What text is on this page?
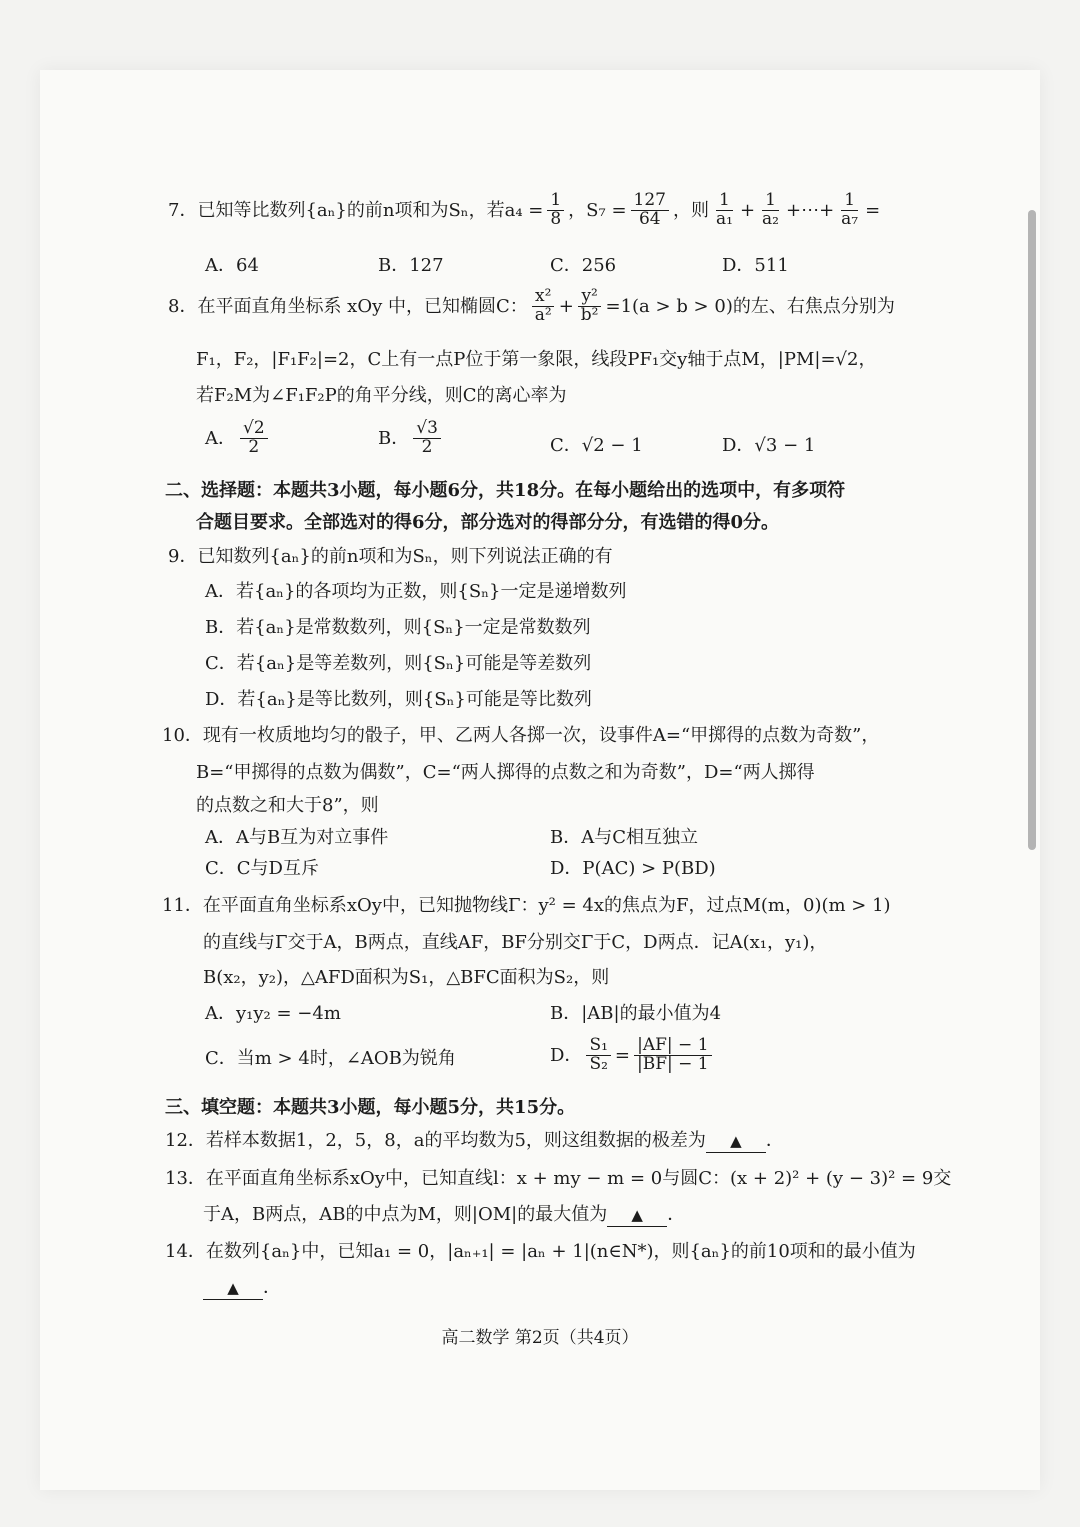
7．已知等比数列{aₙ}的前n项和为Sₙ，若$a_4 = \frac{1}{8}$ ，$S_7 = \frac{127}{64}$ ，则 $\frac{1}{\text{a₁}} + \frac{1}{\text{a₂}}$ +⋯+ $\frac{1}{\text{a₇}}$ =
A．64	B．127	C．256	D．511
8．在平面直角坐标系 xOy 中，已知椭圆C： $\frac{\text{x²}}{\text{a²}} + \frac{\text{y²}}{\text{b²}} =1(a > b > 0)$的左、右焦点分别为
F₁，F₂，|F₁F₂|=2，C上有一点P位于第一象限，线段PF₁交y轴于点M，|PM|=√2，
若F₂M为∠F₁F₂P的角平分线，则C的离心率为
A． $\frac{√2}{2}$	B． $\frac{√3}{2}$	C．√2 − 1	D．√3 − 1
二、选择题：本题共3小题，每小题6分，共18分。在每小题给出的选项中，有多项符
合题目要求。全部选对的得6分，部分选对的得部分分，有选错的得0分。
9．已知数列{aₙ}的前n项和为Sₙ，则下列说法正确的有
A．若{aₙ}的各项均为正数，则{Sₙ}一定是递增数列
B．若{aₙ}是常数数列，则{Sₙ}一定是常数数列
C．若{aₙ}是等差数列，则{Sₙ}可能是等差数列
D．若{aₙ}是等比数列，则{Sₙ}可能是等比数列
10．现有一枚质地均匀的骰子，甲、乙两人各掷一次，设事件A=“甲掷得的点数为奇数”，
B=“甲掷得的点数为偶数”，C=“两人掷得的点数之和为奇数”，D=“两人掷得
的点数之和大于8”，则
A．A与B互为对立事件	B．A与C相互独立
C．C与D互斥	D．P(AC) > P(BD)
11．在平面直角坐标系xOy中，已知抛物线Γ：y² = 4x的焦点为F，过点M(m，0)(m > 1)
的直线与Γ交于A，B两点，直线AF，BF分别交Γ于C，D两点．记A(x₁，y₁)，
B(x₂，y₂)，△AFD面积为S₁，△BFC面积为S₂，则
A．y₁y₂ = −4m	B．|AB|的最小值为4
C．当m > 4时，∠AOB为锐角	D． $\frac{\text{S₁}}{\text{S₂}} = \frac{|AF| - 1}{|BF| - 1}$
三、填空题：本题共3小题，每小题5分，共15分。
12．若样本数据1，2，5，8，a的平均数为5，则这组数据的极差为 ▲ ．
13．在平面直角坐标系xOy中，已知直线l：x + my − m = 0与圆C：(x + 2)² + (y − 3)² = 9交
于A，B两点，AB的中点为M，则|OM|的最大值为 ▲ ．
14．在数列{aₙ}中，已知a₁ = 0，|aₙ₊₁| = |aₙ + 1|(n∈N*)，则{aₙ}的前10项和的最小值为
▲ ．
高二数学 第2页（共4页）
